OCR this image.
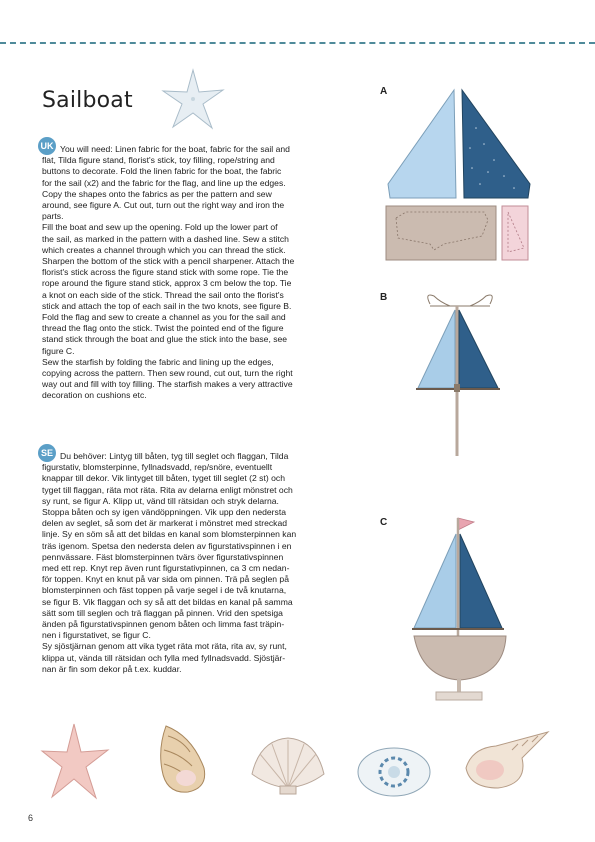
Sailboat
UK You will need: Linen fabric for the boat, fabric for the sail and
flat, Tilda figure stand, florist's stick, toy filling, rope/string and
buttons to decorate. Fold the linen fabric for the boat, the fabric
for the sail (x2) and the fabric for the flag, and line up the edges.
Copy the shapes onto the fabrics as per the pattern and sew
around, see figure A. Cut out, turn out the right way and iron the
parts.
Fill the boat and sew up the opening. Fold up the lower part of
the sail, as marked in the pattern with a dashed line. Sew a stitch
which creates a channel through which you can thread the stick.
Sharpen the bottom of the stick with a pencil sharpener. Attach the
florist's stick across the figure stand stick with some rope. Tie the
rope around the figure stand stick, approx 3 cm below the top. Tie
a knot on each side of the stick. Thread the sail onto the florist's
stick and attach the top of each sail in the two knots, see figure B.
Fold the flag and sew to create a channel as you for the sail and
thread the flag onto the stick. Twist the pointed end of the figure
stand stick through the boat and glue the stick into the base, see
figure C.
Sew the starfish by folding the fabric and lining up the edges,
copying across the pattern. Then sew round, cut out, turn the right
way out and fill with toy filling. The starfish makes a very attractive
decoration on cushions etc.
SE Du behöver: Lintyg till båten, tyg till seglet och flaggan, Tilda
figurstativ, blomsterpinne, fyllnadsvadd, rep/snöre, eventuellt
knappar till dekor. Vik lintyget till båten, tyget till seglet (2 st) och
tyget till flaggan, räta mot räta. Rita av delarna enligt mönstret och
sy runt, se figur A. Klipp ut, vänd till rätsidan och stryk delarna.
Stoppa båten och sy igen vändöppningen. Vik upp den nedersta
delen av seglet, så som det är markerat i mönstret med streckad
linje. Sy en söm så att det bildas en kanal som blomsterpinnen kan
träs igenom. Spetsa den nedersta delen av figurstativspinnen i en
pennvässare. Fäst blomsterpinnen tvärs över figurstativspinnen
med ett rep. Knyt rep även runt figurstativpinnen, ca 3 cm nedan-
för toppen. Knyt en knut på var sida om pinnen. Trä på seglen på
blomsterpinnen och fäst toppen på varje segel i de två knutarna,
se figur B. Vik flaggan och sy så att det bildas en kanal på samma
sätt som till seglen och trä flaggan på pinnen. Vrid den spetsiga
änden på figurstativspinnen genom båten och limma fast träpin-
nen i figurstativet, se figur C.
Sy sjöstjärnan genom att vika tyget räta mot räta, rita av, sy runt,
klippa ut, vända till rätsidan och fylla med fyllnadsvadd. Sjöstjär-
nan är fin som dekor på t.ex. kuddar.
A
B
C
6
